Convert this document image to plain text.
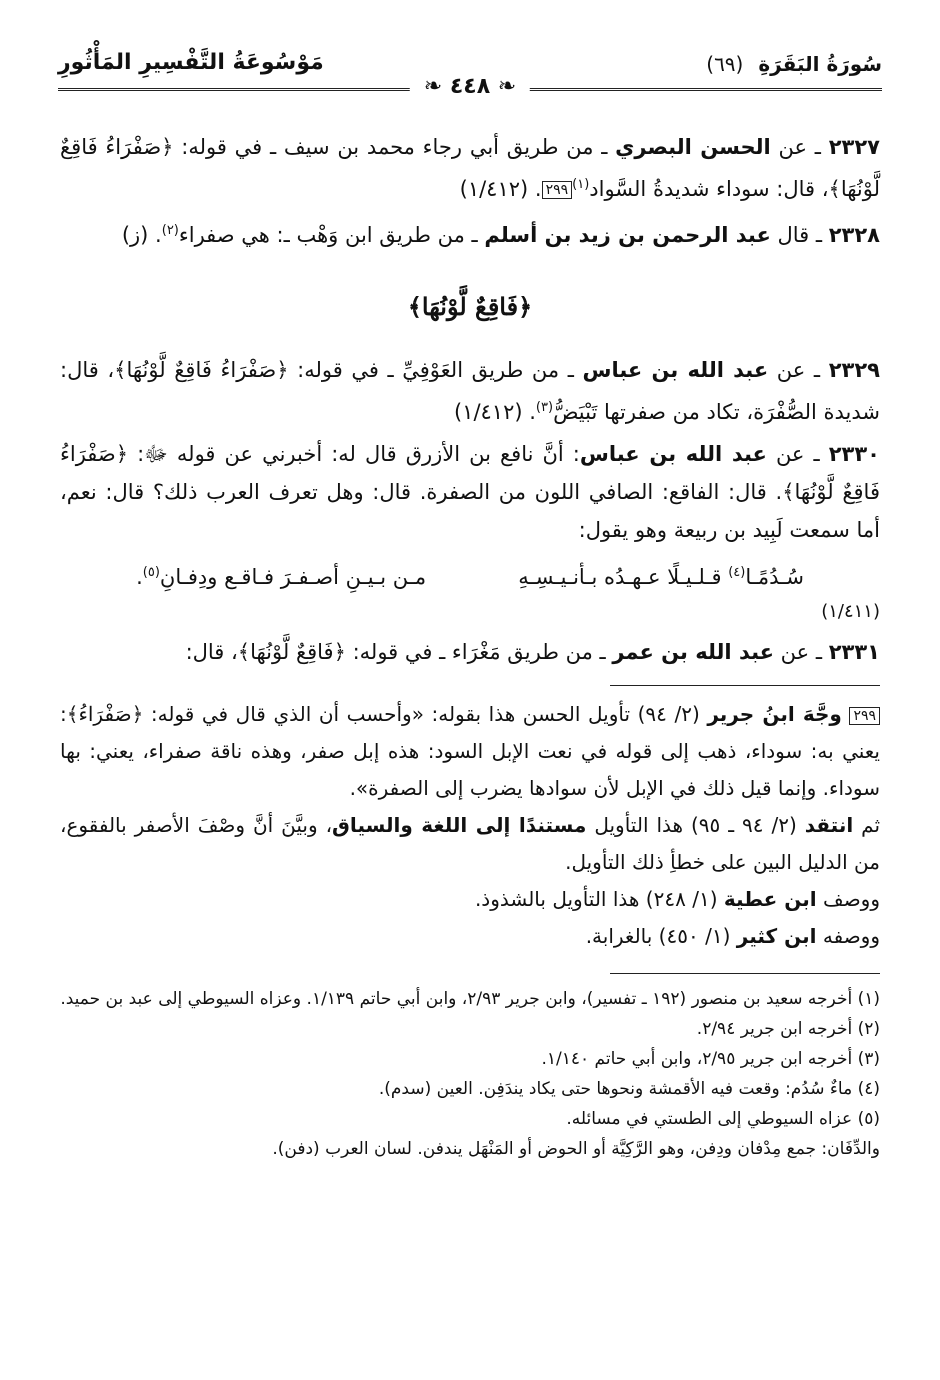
سُورَةُ البَقَرَةِ (٦٩)
مَوْسُوعَةُ التَّفْسِيرِ المَأْثُورِ
❧ ٤٤٨ ❧

٢٣٢٧ ـ عن الحسن البصري ـ من طريق أبي رجاء محمد بن سيف ـ في قوله: ﴿صَفْرَاءُ فَاقِعٌ لَّوْنُهَا﴾، قال: سوداء شديدةُ السَّواد$^{(١)}$٢٩٩. (١/٤١٢)

٢٣٢٨ ـ قال عبد الرحمن بن زيد بن أسلم ـ من طريق ابن وَهْب ـ: هي صفراء$^{(٢)}$. (ز)

﴿فَاقِعٌ لَّوْنُهَا﴾

٢٣٢٩ ـ عن عبد الله بن عباس ـ من طريق العَوْفِيِّ ـ في قوله: ﴿صَفْرَاءُ فَاقِعٌ لَّوْنُهَا﴾، قال: شديدة الصُّفْرَة، تكاد من صفرتها تَبْيَضُّ$^{(٣)}$. (١/٤١٢)

٢٣٣٠ ـ عن عبد الله بن عباس: أنَّ نافع بن الأزرق قال له: أخبرني عن قوله ﷻ: ﴿صَفْرَاءُ فَاقِعٌ لَّوْنُهَا﴾. قال: الفاقع: الصافي اللون من الصفرة. قال: وهل تعرف العرب ذلك؟ قال: نعم، أما سمعت لَبِيد بن ربيعة وهو يقول:

سُـدُمًـا$^{(٤)}$ قـلـيـلًا عـهـدُه بـأنـيـسِـهِ
مـن بـيـنِ أصـفـرَ فـاقـع ودِفـانِ$^{(٥)}$.
(١/٤١١)

٢٣٣١ ـ عن عبد الله بن عمر ـ من طريق مَغْرَاء ـ في قوله: ﴿فَاقِعٌ لَّوْنُهَا﴾، قال:

٢٩٩ وجَّهَ ابنُ جرير (٢/ ٩٤) تأويل الحسن هذا بقوله: «وأحسب أن الذي قال في قوله: ﴿صَفْرَاءُ﴾: يعني به: سوداء، ذهب إلى قوله في نعت الإبل السود: هذه إبل صفر، وهذه ناقة صفراء، يعني: بها سوداء. وإنما قيل ذلك في الإبل لأن سوادها يضرب إلى الصفرة».

ثم انتقد (٢/ ٩٤ ـ ٩٥) هذا التأويل مستندًا إلى اللغة والسياق، وبيَّنَ أنَّ وصْفَ الأصفر بالفقوع، من الدليل البين على خطأِ ذلك التأويل.

ووصف ابن عطية (١/ ٢٤٨) هذا التأويل بالشذوذ.

ووصفه ابن كثير (١/ ٤٥٠) بالغرابة.

(١) أخرجه سعيد بن منصور (١٩٢ ـ تفسير)، وابن جرير ٢/٩٣، وابن أبي حاتم ١/١٣٩. وعزاه السيوطي إلى عبد بن حميد.

(٢) أخرجه ابن جرير ٢/٩٤.

(٣) أخرجه ابن جرير ٢/٩٥، وابن أبي حاتم ١/١٤٠.

(٤) ماءٌ سُدُم: وقعت فيه الأقمشة ونحوها حتى يكاد يندَفِن. العين (سدم).

(٥) عزاه السيوطي إلى الطستي في مسائله.

والدِّفَان: جمع مِدْفان ودِفن، وهو الرَّكِيَّة أو الحوض أو المَنْهَل يندفن. لسان العرب (دفن).
